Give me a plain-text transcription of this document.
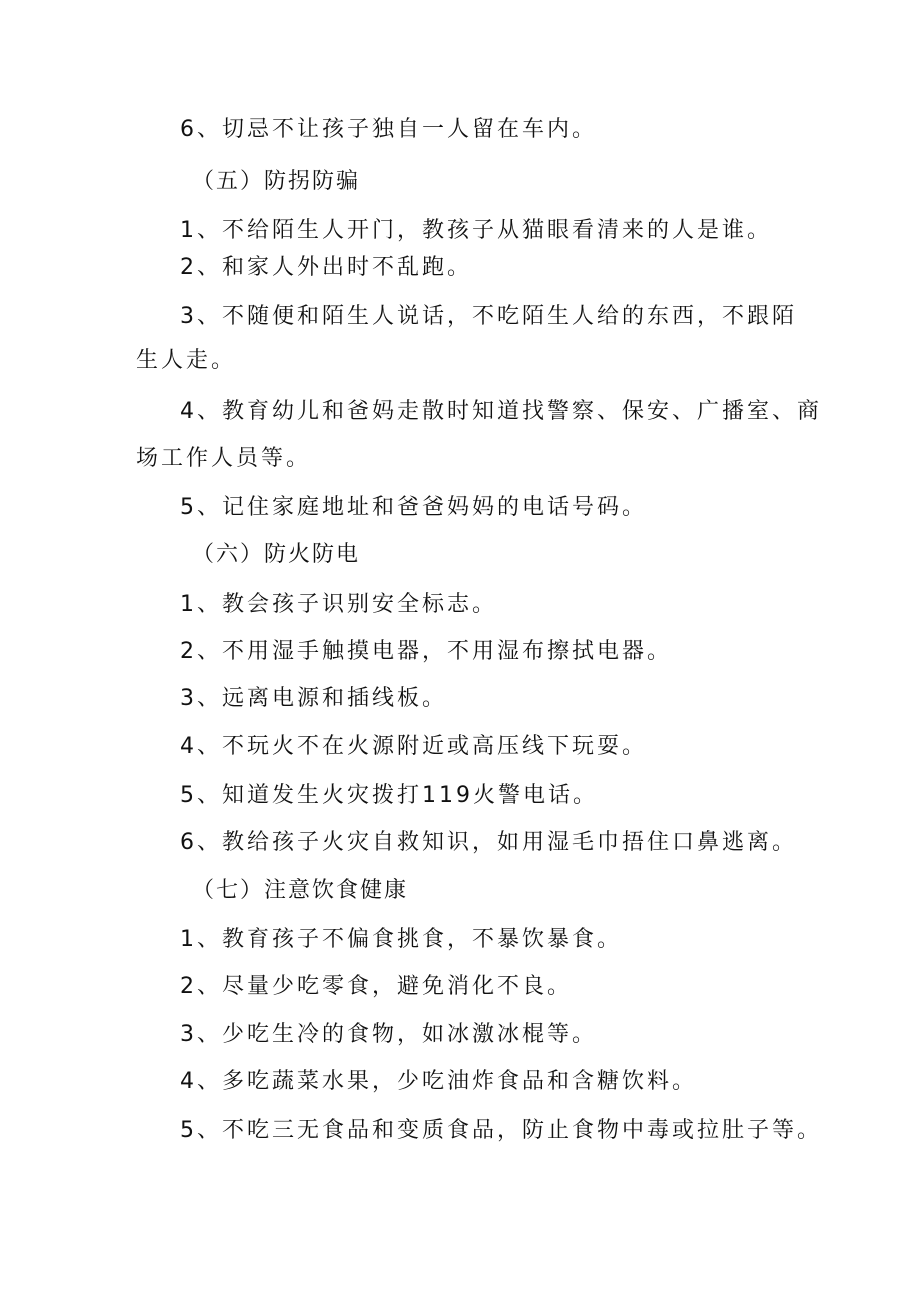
6、切忌不让孩子独自一人留在车内。
（五）防拐防骗
1、不给陌生人开门，教孩子从猫眼看清来的人是谁。
2、和家人外出时不乱跑。
3、不随便和陌生人说话，不吃陌生人给的东西，不跟陌
生人走。
4、教育幼儿和爸妈走散时知道找警察、保安、广播室、商
场工作人员等。
5、记住家庭地址和爸爸妈妈的电话号码。
（六）防火防电
1、教会孩子识别安全标志。
2、不用湿手触摸电器，不用湿布擦拭电器。
3、远离电源和插线板。
4、不玩火不在火源附近或高压线下玩耍。
5、知道发生火灾拨打119火警电话。
6、教给孩子火灾自救知识，如用湿毛巾捂住口鼻逃离。
（七）注意饮食健康
1、教育孩子不偏食挑食，不暴饮暴食。
2、尽量少吃零食，避免消化不良。
3、少吃生冷的食物，如冰激冰棍等。
4、多吃蔬菜水果，少吃油炸食品和含糖饮料。
5、不吃三无食品和变质食品，防止食物中毒或拉肚子等。
